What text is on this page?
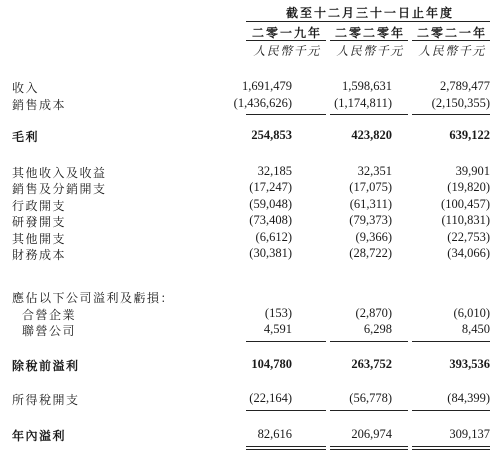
截至十二月三十一日止年度
二零一九年	二零二零年 二零二一年
人民幣千元	人民幣千元	人民幣千元
收入	1,691,479	1,598,631	2,789,477
銷售成本	(1,436,626)	(1,174,811)	(2,150,355)
毛利	254,853	423,820	639,122
其他收入及收益	32,185	32,351	39,901
銷售及分銷開支	(17,247)	(17,075)	(19,820)
行政開支	(59,048)	(61,311)	(100,457)
研發開支	(73,408)	(79,373)	(110,831)
其他開支	(6,612)	(9,366)	(22,753)
財務成本	(30,381)	(28,722)	(34,066)
應佔以下公司溢利及虧損：
合營企業	(153)	(2,870)	(6,010)
聯營公司	4,591	6,298	8,450
除稅前溢利	104,780	263,752	393,536
所得稅開支	(22,164)	(56,778)	(84,399)
年內溢利	82,616	206,974	309,137
